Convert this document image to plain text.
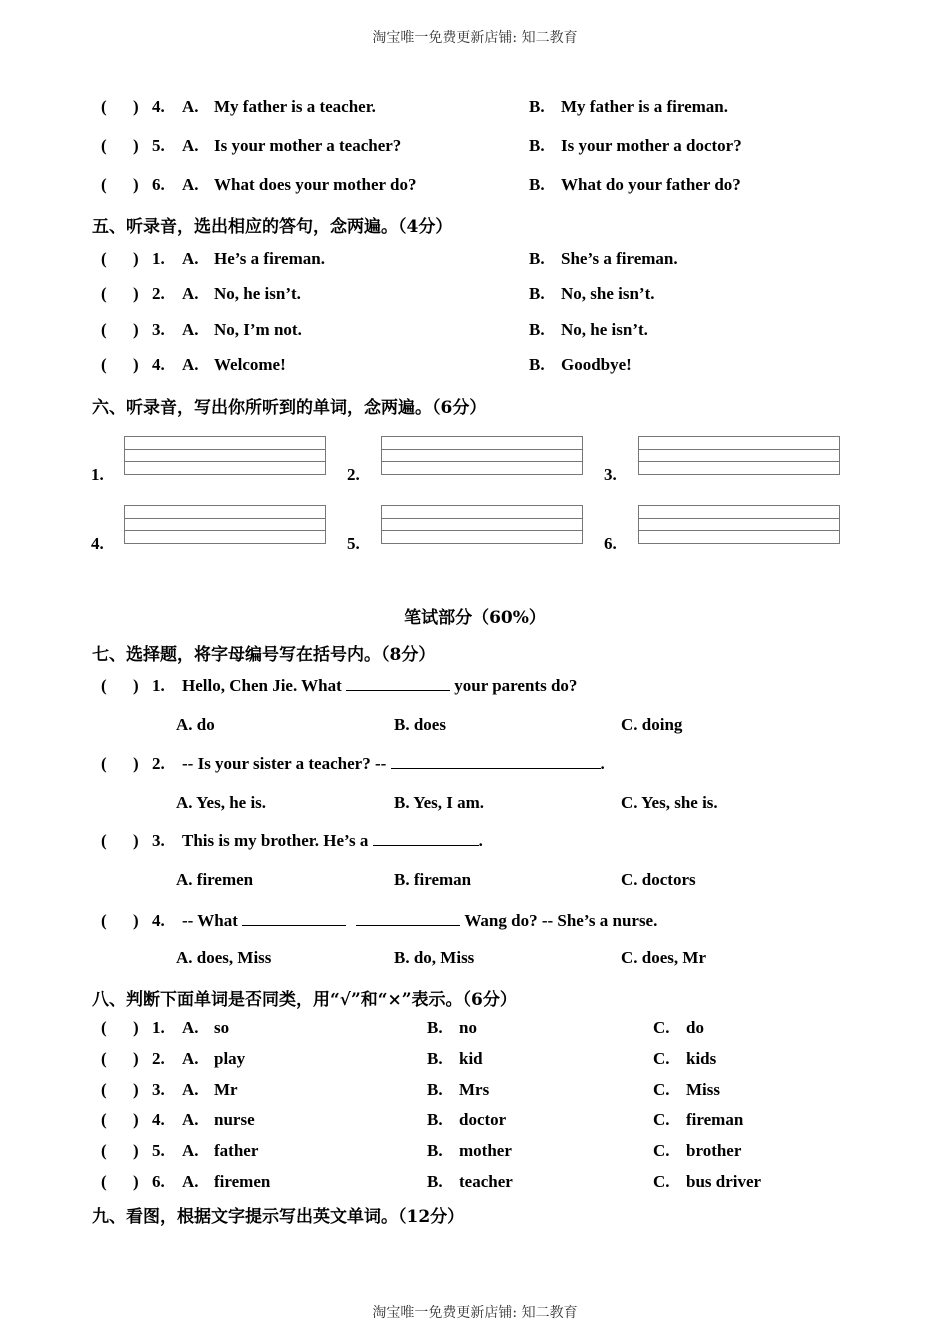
淘宝唯一免费更新店铺: 知二教育
( ) 4. A. My father is a teacher.	B. My father is a fireman.
( ) 5. A. Is your mother a teacher?	B. Is your mother a doctor?
( ) 6. A. What does your mother do?	B. What do your father do?
五、听录音，选出相应的答句，念两遍。（4分）
( ) 1. A. He’s a fireman.	B. She’s a fireman.
( ) 2. A. No, he isn’t.	B. No, she isn’t.
( ) 3. A. No, I’m not.	B. No, he isn’t.
( ) 4. A. Welcome!	B. Goodbye!
六、听录音，写出你所听到的单词，念两遍。（6分）
1.	2.	3.
4.	5.	6.
笔试部分（60%）
七、选择题，将字母编号写在括号内。（8分）
( ) 1. Hello, Chen Jie. What	your parents do?
A. do	B. does	C. doing
( ) 2. -- Is your sister a teacher? --	.
A. Yes, he is.	B. Yes, I am.	C. Yes, she is.
( ) 3. This is my brother. He’s a	.
A. firemen	B. fireman	C. doctors
( ) 4. -- What	Wang do? -- She’s a nurse.
A. does, Miss	B. do, Miss	C. does, Mr
八、判断下面单词是否同类，用“√”和“×”表示。（6分）
( ) 1. A. so	B. no	C. do
( ) 2. A. play	B. kid	C. kids
( ) 3. A. Mr	B. Mrs	C. Miss
( ) 4. A. nurse	B. doctor	C. fireman
( ) 5. A. father	B. mother	C. brother
( ) 6. A. firemen	B. teacher	C. bus driver
九、看图，根据文字提示写出英文单词。（12分）
淘宝唯一免费更新店铺: 知二教育
